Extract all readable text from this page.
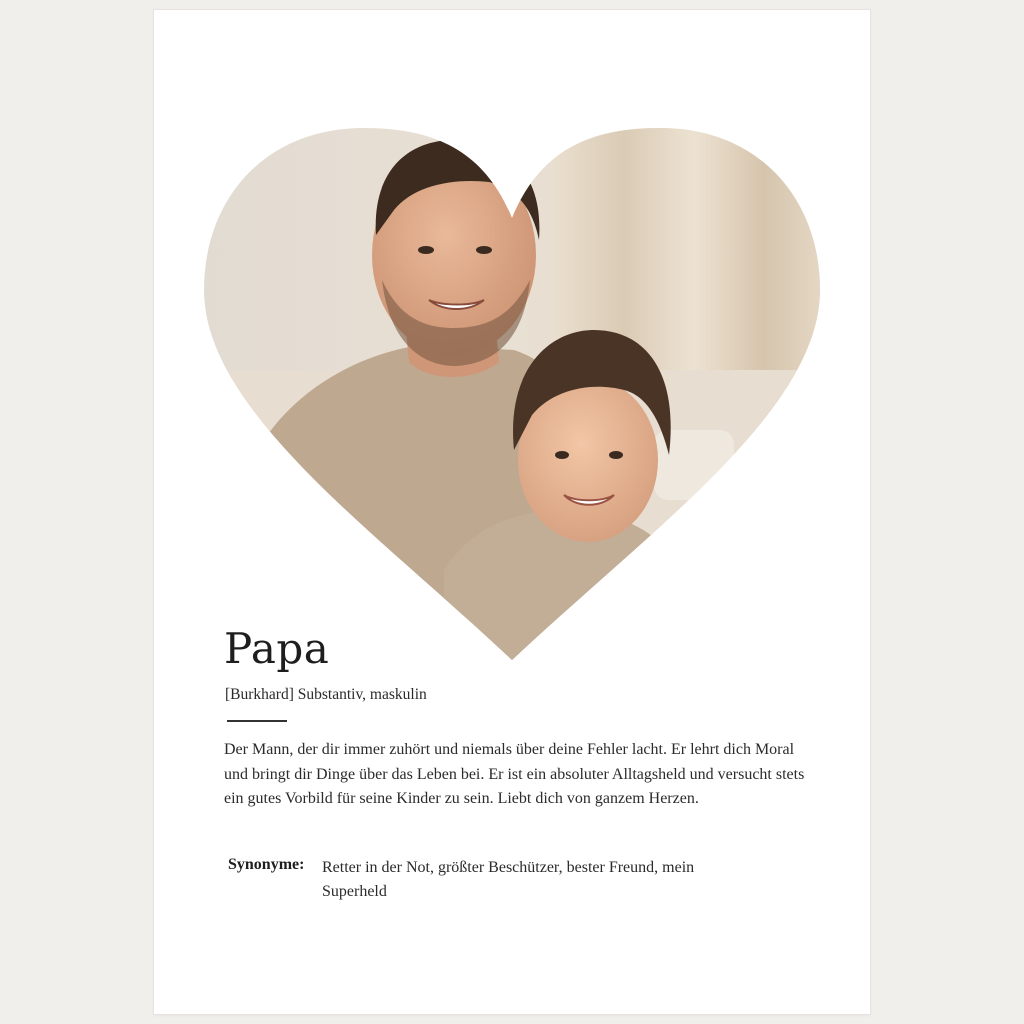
Papa
[Burkhard] Substantiv, maskulin
Der Mann, der dir immer zuhört und niemals über deine Fehler lacht. Er lehrt dich Moral und bringt dir Dinge über das Leben bei. Er ist ein absoluter Alltagsheld und versucht stets ein gutes Vorbild für seine Kinder zu sein. Liebt dich von ganzem Herzen.
Synonyme: Retter in der Not, größter Beschützer, bester Freund, mein Superheld
